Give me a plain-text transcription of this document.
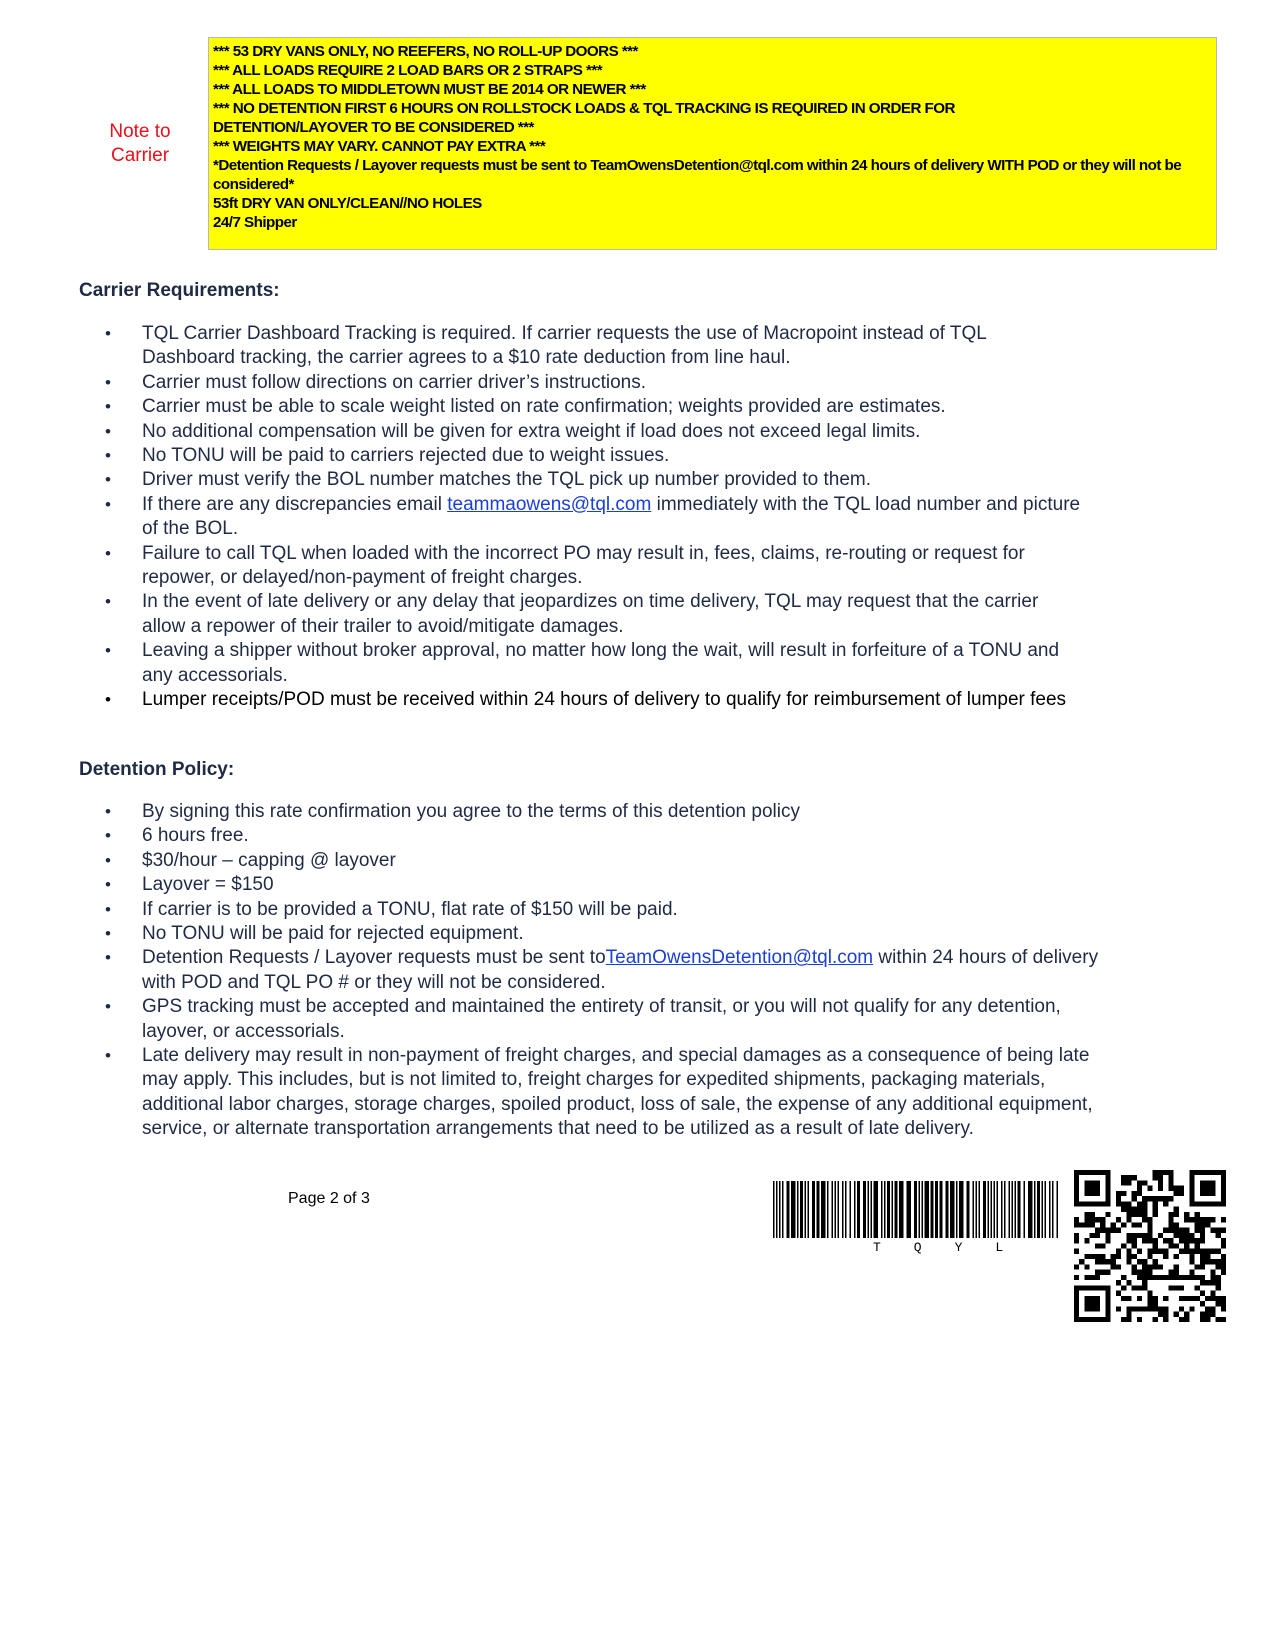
Note to Carrier
*** 53 DRY VANS ONLY, NO REEFERS, NO ROLL-UP DOORS ***
*** ALL LOADS REQUIRE 2 LOAD BARS OR 2 STRAPS ***
*** ALL LOADS TO MIDDLETOWN MUST BE 2014 OR NEWER ***
*** NO DETENTION FIRST 6 HOURS ON ROLLSTOCK LOADS & TQL TRACKING IS REQUIRED IN ORDER FOR DETENTION/LAYOVER TO BE CONSIDERED ***
*** WEIGHTS MAY VARY. CANNOT PAY EXTRA ***
*Detention Requests / Layover requests must be sent to TeamOwensDetention@tql.com within 24 hours of delivery WITH POD or they will not be considered*
53ft DRY VAN ONLY/CLEAN//NO HOLES
24/7 Shipper
Carrier Requirements:
• TQL Carrier Dashboard Tracking is required. If carrier requests the use of Macropoint instead of TQL Dashboard tracking, the carrier agrees to a $10 rate deduction from line haul.
• Carrier must follow directions on carrier driver’s instructions.
• Carrier must be able to scale weight listed on rate confirmation; weights provided are estimates.
• No additional compensation will be given for extra weight if load does not exceed legal limits.
• No TONU will be paid to carriers rejected due to weight issues.
• Driver must verify the BOL number matches the TQL pick up number provided to them.
• If there are any discrepancies email teammaowens@tql.com immediately with the TQL load number and picture of the BOL.
• Failure to call TQL when loaded with the incorrect PO may result in, fees, claims, re-routing or request for repower, or delayed/non-payment of freight charges.
• In the event of late delivery or any delay that jeopardizes on time delivery, TQL may request that the carrier allow a repower of their trailer to avoid/mitigate damages.
• Leaving a shipper without broker approval, no matter how long the wait, will result in forfeiture of a TONU and any accessorials.
• Lumper receipts/POD must be received within 24 hours of delivery to qualify for reimbursement of lumper fees
Detention Policy:
• By signing this rate confirmation you agree to the terms of this detention policy
• 6 hours free.
• $30/hour – capping @ layover
• Layover = $150
• If carrier is to be provided a TONU, flat rate of $150 will be paid.
• No TONU will be paid for rejected equipment.
• Detention Requests / Layover requests must be sent toTeamOwensDetention@tql.com within 24 hours of delivery with POD and TQL PO # or they will not be considered.
• GPS tracking must be accepted and maintained the entirety of transit, or you will not qualify for any detention, layover, or accessorials.
• Late delivery may result in non-payment of freight charges, and special damages as a consequence of being late may apply. This includes, but is not limited to, freight charges for expedited shipments, packaging materials, additional labor charges, storage charges, spoiled product, loss of sale, the expense of any additional equipment, service, or alternate transportation arrangements that need to be utilized as a result of late delivery.
Page 2 of 3
TQYL
